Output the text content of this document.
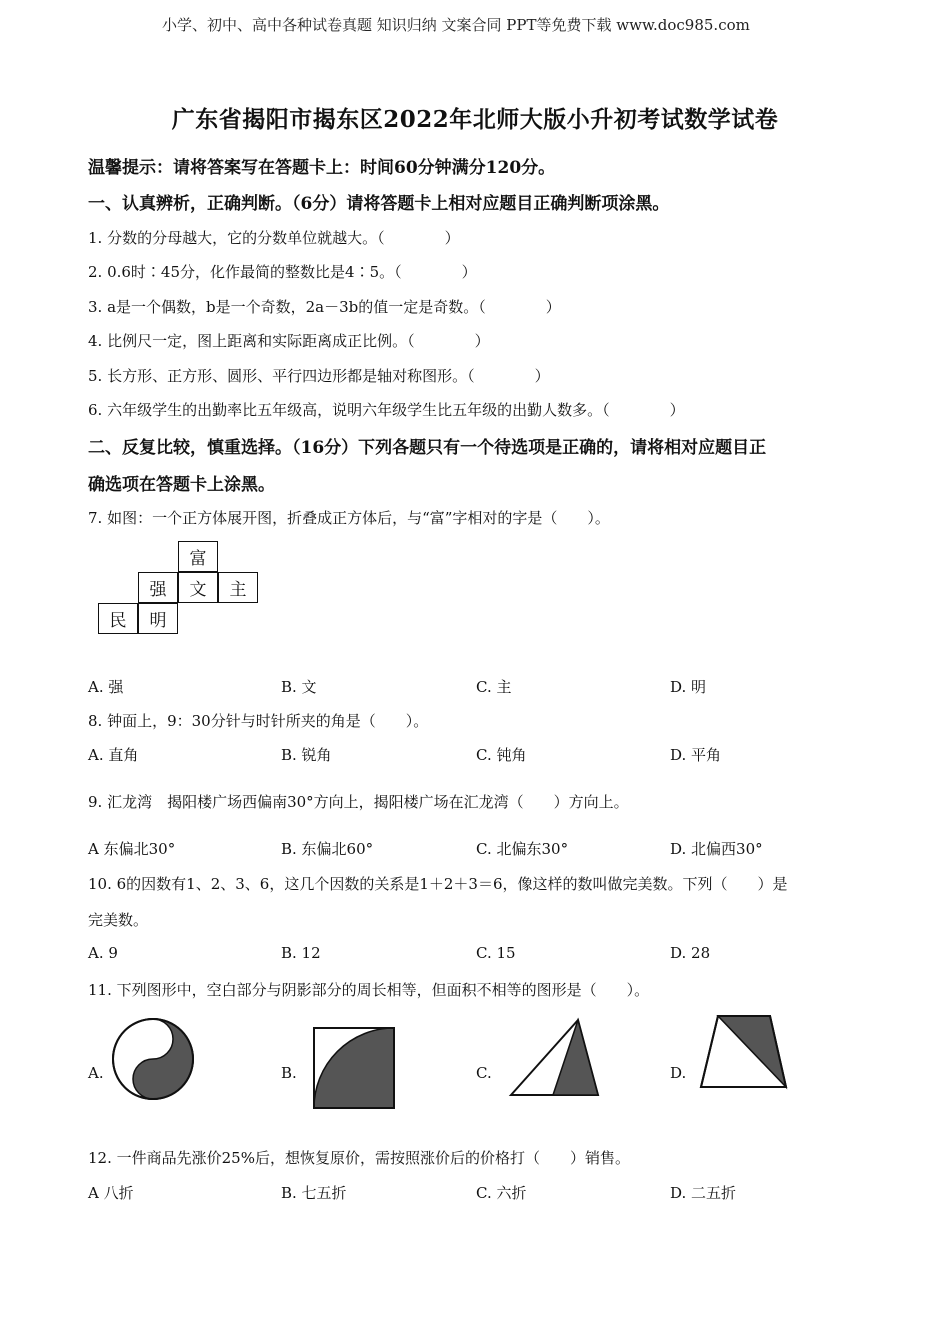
小学、初中、高中各种试卷真题 知识归纳 文案合同 PPT等免费下载 www.doc985.com
广东省揭阳市揭东区2022年北师大版小升初考试数学试卷
温馨提示：请将答案写在答题卡上：时间60分钟满分120分。
一、认真辨析，正确判断。（6分）请将答题卡上相对应题目正确判断项涂黑。
1. 分数的分母越大，它的分数单位就越大。（　　　　）
2. 0.6时∶45分，化作最简的整数比是4∶5。（　　　　）
3. a是一个偶数，b是一个奇数，2a－3b的值一定是奇数。（　　　　）
4. 比例尺一定，图上距离和实际距离成正比例。（　　　　）
5. 长方形、正方形、圆形、平行四边形都是轴对称图形。（　　　　）
6. 六年级学生的出勤率比五年级高，说明六年级学生比五年级的出勤人数多。（　　　　）
二、反复比较，慎重选择。（16分）下列各题只有一个待选项是正确的，请将相对应题目正
确选项在答题卡上涂黑。
7. 如图：一个正方体展开图，折叠成正方体后，与“富”字相对的字是（　　）。
富
强	文	主
民	明
A. 强	B. 文	C. 主	D. 明
8. 钟面上，9：30分针与时针所夹的角是（　　）。
A. 直角	B. 锐角	C. 钝角	D. 平角
9. 汇龙湾　揭阳楼广场西偏南30°方向上，揭阳楼广场在汇龙湾（　　）方向上。
A 东偏北30°	B. 东偏北60°	C. 北偏东30°	D. 北偏西30°
10. 6的因数有1、2、3、6，这几个因数的关系是1＋2＋3＝6，像这样的数叫做完美数。下列（　　）是
完美数。
A. 9	B. 12	C. 15	D. 28
11. 下列图形中，空白部分与阴影部分的周长相等，但面积不相等的图形是（　　）。
A.	B.	C.	D.
12. 一件商品先涨价25%后，想恢复原价，需按照涨价后的价格打（　　）销售。
A 八折	B. 七五折	C. 六折	D. 二五折
